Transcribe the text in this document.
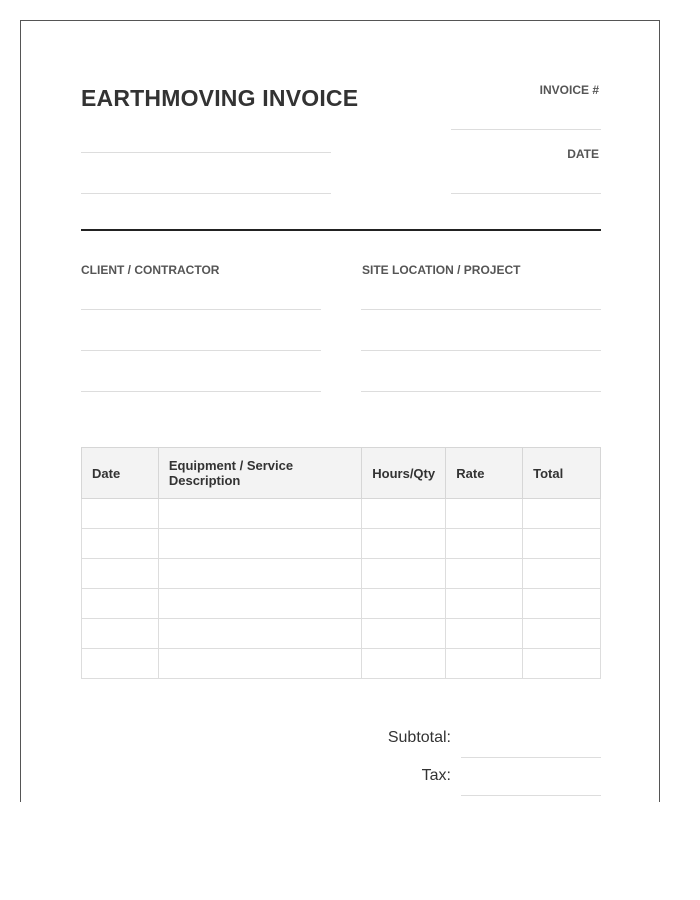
EARTHMOVING INVOICE	INVOICE #
DATE
CLIENT / CONTRACTOR	SITE LOCATION / PROJECT
Date	Equipment / Service Description	Hours/Qty	Rate	Total

Subtotal:
Tax:
